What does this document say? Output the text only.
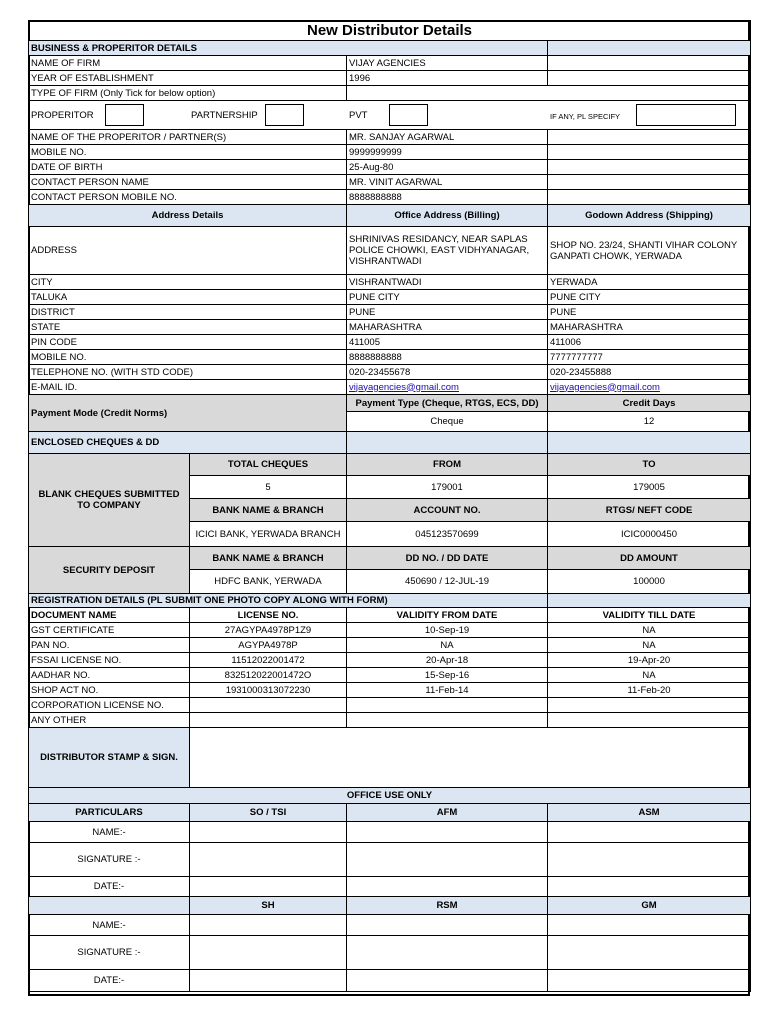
New Distributor Details			
BUSINESS & PROPERITOR DETAILS			
NAME OF FIRM		VIJAY AGENCIES	
YEAR OF ESTABLISHMENT		1996	
TYPE OF FIRM (Only Tick for below option)			

PROPERITOR PARTNERSHIP PVT IF ANY, PL SPECIFY			

NAME OF THE PROPERITOR / PARTNER(S)		MR. SANJAY AGARWAL	
MOBILE NO.		9999999999	
DATE OF BIRTH		25-Aug-80	
CONTACT PERSON NAME		MR. VINIT AGARWAL	
CONTACT PERSON MOBILE NO.		8888888888	
Address Details		Office Address (Billing)	Godown Address (Shipping)
ADDRESS		SHRINIVAS RESIDANCY, NEAR SAPLAS POLICE CHOWKI, EAST VIDHYANAGAR, VISHRANTWADI	SHOP NO. 23/24, SHANTI VIHAR COLONY GANPATI CHOWK, YERWADA
CITY		VISHRANTWADI	YERWADA
TALUKA		PUNE CITY	PUNE CITY
DISTRICT		PUNE	PUNE
STATE		MAHARASHTRA	MAHARASHTRA
PIN CODE		411005	411006
MOBILE NO.		8888888888	7777777777
TELEPHONE NO. (WITH STD CODE)		020-23455678	020-23455888
E-MAIL ID.		vijayagencies@gmail.com	vijayagencies@gmail.com
Payment Mode (Credit Norms)		Payment Type (Cheque, RTGS, ECS, DD)	Credit Days
		Cheque	12
ENCLOSED CHEQUES & DD			
BLANK CHEQUES SUBMITTED TO COMPANY	TOTAL CHEQUES	FROM	TO
	5	179001	179005
	BANK NAME & BRANCH	ACCOUNT NO.	RTGS/ NEFT CODE
	ICICI BANK, YERWADA BRANCH	045123570699	ICIC0000450
SECURITY DEPOSIT	BANK NAME & BRANCH	DD NO. / DD DATE	DD AMOUNT
	HDFC BANK, YERWADA	450690 / 12-JUL-19	100000
REGISTRATION DETAILS (PL SUBMIT ONE PHOTO COPY ALONG WITH FORM)			
DOCUMENT NAME	LICENSE NO.	VALIDITY FROM DATE	VALIDITY TILL DATE
GST CERTIFICATE	27AGYPA4978P1Z9	10-Sep-19	NA
PAN NO.	AGYPA4978P	NA	NA
FSSAI LICENSE NO.	11512022001472	20-Apr-18	19-Apr-20
AADHAR NO.	832512022001472O	15-Sep-16	NA
SHOP ACT NO.	1931000313072230	11-Feb-14	11-Feb-20
CORPORATION LICENSE NO.			
ANY OTHER			
DISTRIBUTOR STAMP & SIGN.			
OFFICE USE ONLY			
PARTICULARS	SO / TSI	AFM	ASM
NAME:-			
SIGNATURE :-			
DATE:-			
	SH	RSM	GM
NAME:-			
SIGNATURE :-			
DATE:-			
